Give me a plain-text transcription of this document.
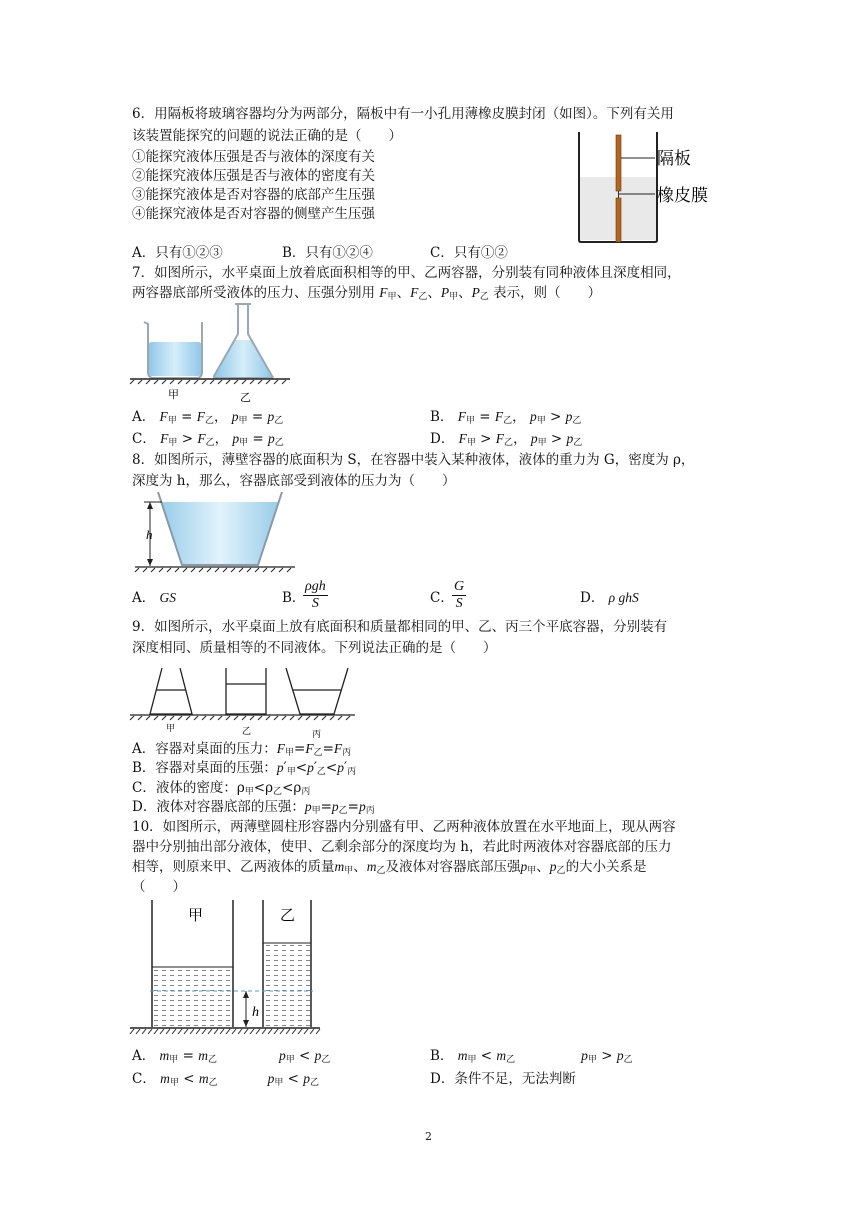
6．用隔板将玻璃容器均分为两部分，隔板中有一小孔用薄橡皮膜封闭（如图）。下列有关用
该装置能探究的问题的说法正确的是（　　）
①能探究液体压强是否与液体的深度有关
②能探究液体压强是否与液体的密度有关
③能探究液体是否对容器的底部产生压强
④能探究液体是否对容器的侧壁产生压强
隔板
橡皮膜
A．只有①②③	B．只有①②④	C．只有①②
7．如图所示，水平桌面上放着底面积相等的甲、乙两容器，分别装有同种液体且深度相同，
两容器底部所受液体的压力、压强分别用 $F_甲$、$F_乙$、$P_甲$、$P_乙$ 表示，则（　　）
甲	乙
A． $F_甲 = F_乙$， $p_甲 = p_乙$	B． $F_甲 = F_乙$， $p_甲 > p_乙$
C． $F_甲 > F_乙$， $p_甲 = p_乙$	D． $F_甲 > F_乙$， $p_甲 > p_乙$
8．如图所示，薄壁容器的底面积为 S，在容器中装入某种液体，液体的重力为 G，密度为 ρ，
深度为 h，那么，容器底部受到液体的压力为（　　）
h
A． GS	B．
ρgh
S	C．
$\frac{G}{S}$	D． ρ ghS
9．如图所示，水平桌面上放有底面积和质量都相同的甲、乙、丙三个平底容器，分别装有
深度相同、质量相等的不同液体。下列说法正确的是（　　）
甲	乙	丙
A．容器对桌面的压力：$F_甲=F_乙=F_丙$
B．容器对桌面的压强：$p'_甲<p'_乙<p'_丙$
C．液体的密度：$\rho_甲<\rho_乙<\rho_丙$
D．液体对容器底部的压强：$p_甲=p_乙=p_丙$
10．如图所示，两薄壁圆柱形容器内分别盛有甲、乙两种液体放置在水平地面上，现从两容
器中分别抽出部分液体，使甲、乙剩余部分的深度均为 h，若此时两液体对容器底部的压力
相等，则原来甲、乙两液体的质量$m_甲$、$m_乙$及液体对容器底部压强$p_甲$、$p_乙$的大小关系是
（　　）
h
甲	乙
A． $m_甲 = m_乙$	$p_甲 < p_乙$	B． $m_甲 < m_乙$	$p_甲 > p_乙$
C． $m_甲 < m_乙$	$p_甲 < p_乙$	D．条件不足，无法判断
2
